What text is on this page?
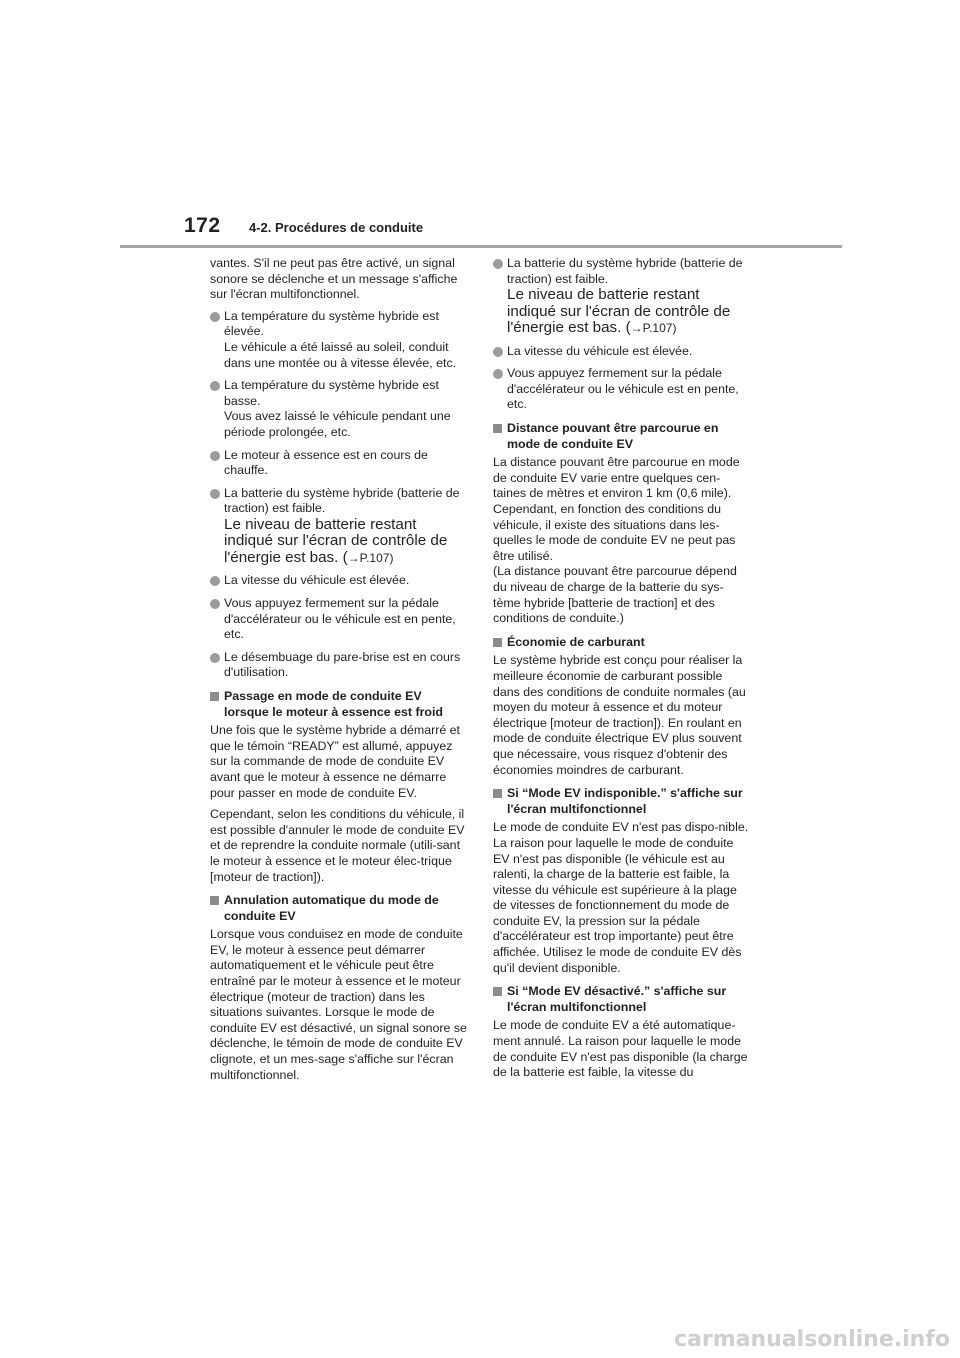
172 4-2. Procédures de conduite

vantes. S'il ne peut pas être activé, un signal sonore se déclenche et un message s'affiche sur l'écran multifonctionnel.

La température du système hybride est élevée.
Le véhicule a été laissé au soleil, conduit dans une montée ou à vitesse élevée, etc.
La température du système hybride est basse.
Vous avez laissé le véhicule pendant une période prolongée, etc.
Le moteur à essence est en cours de chauffe.
La batterie du système hybride (batterie de traction) est faible.
Le niveau de batterie restant indiqué sur l'écran de contrôle de l'énergie est bas. (→P.107)
La vitesse du véhicule est élevée.
Vous appuyez fermement sur la pédale d'accélérateur ou le véhicule est en pente, etc.
Le désembuage du pare-brise est en cours d'utilisation.
Passage en mode de conduite EV lorsque le moteur à essence est froid

Une fois que le système hybride a démarré et que le témoin “READY” est allumé, appuyez sur la commande de mode de conduite EV avant que le moteur à essence ne démarre pour passer en mode de conduite EV.

Cependant, selon les conditions du véhicule, il est possible d'annuler le mode de conduite EV et de reprendre la conduite normale (utili-sant le moteur à essence et le moteur élec-trique [moteur de traction]).

Annulation automatique du mode de conduite EV

Lorsque vous conduisez en mode de conduite EV, le moteur à essence peut démarrer automatiquement et le véhicule peut être entraîné par le moteur à essence et le moteur électrique (moteur de traction) dans les situations suivantes. Lorsque le mode de conduite EV est désactivé, un signal sonore se déclenche, le témoin de mode de conduite EV clignote, et un mes-sage s'affiche sur l'écran multifonctionnel.

La batterie du système hybride (batterie de traction) est faible.
Le niveau de batterie restant indiqué sur l'écran de contrôle de l'énergie est bas. (→P.107)
La vitesse du véhicule est élevée.
Vous appuyez fermement sur la pédale d'accélérateur ou le véhicule est en pente, etc.
Distance pouvant être parcourue en mode de conduite EV

La distance pouvant être parcourue en mode de conduite EV varie entre quelques cen-taines de mètres et environ 1 km (0,6 mile). Cependant, en fonction des conditions du véhicule, il existe des situations dans les-quelles le mode de conduite EV ne peut pas être utilisé.
(La distance pouvant être parcourue dépend du niveau de charge de la batterie du sys-tème hybride [batterie de traction] et des conditions de conduite.)

Économie de carburant

Le système hybride est conçu pour réaliser la meilleure économie de carburant possible dans des conditions de conduite normales (au moyen du moteur à essence et du moteur électrique [moteur de traction]). En roulant en mode de conduite électrique EV plus souvent que nécessaire, vous risquez d'obtenir des économies moindres de carburant.

Si “Mode EV indisponible.” s'affiche sur l'écran multifonctionnel

Le mode de conduite EV n'est pas dispo-nible. La raison pour laquelle le mode de conduite EV n'est pas disponible (le véhicule est au ralenti, la charge de la batterie est faible, la vitesse du véhicule est supérieure à la plage de vitesses de fonctionnement du mode de conduite EV, la pression sur la pédale d'accélérateur est trop importante) peut être affichée. Utilisez le mode de conduite EV dès qu'il devient disponible.

Si “Mode EV désactivé.” s'affiche sur l'écran multifonctionnel

Le mode de conduite EV a été automatique-ment annulé. La raison pour laquelle le mode de conduite EV n'est pas disponible (la charge de la batterie est faible, la vitesse du

carmanualsonline.info
